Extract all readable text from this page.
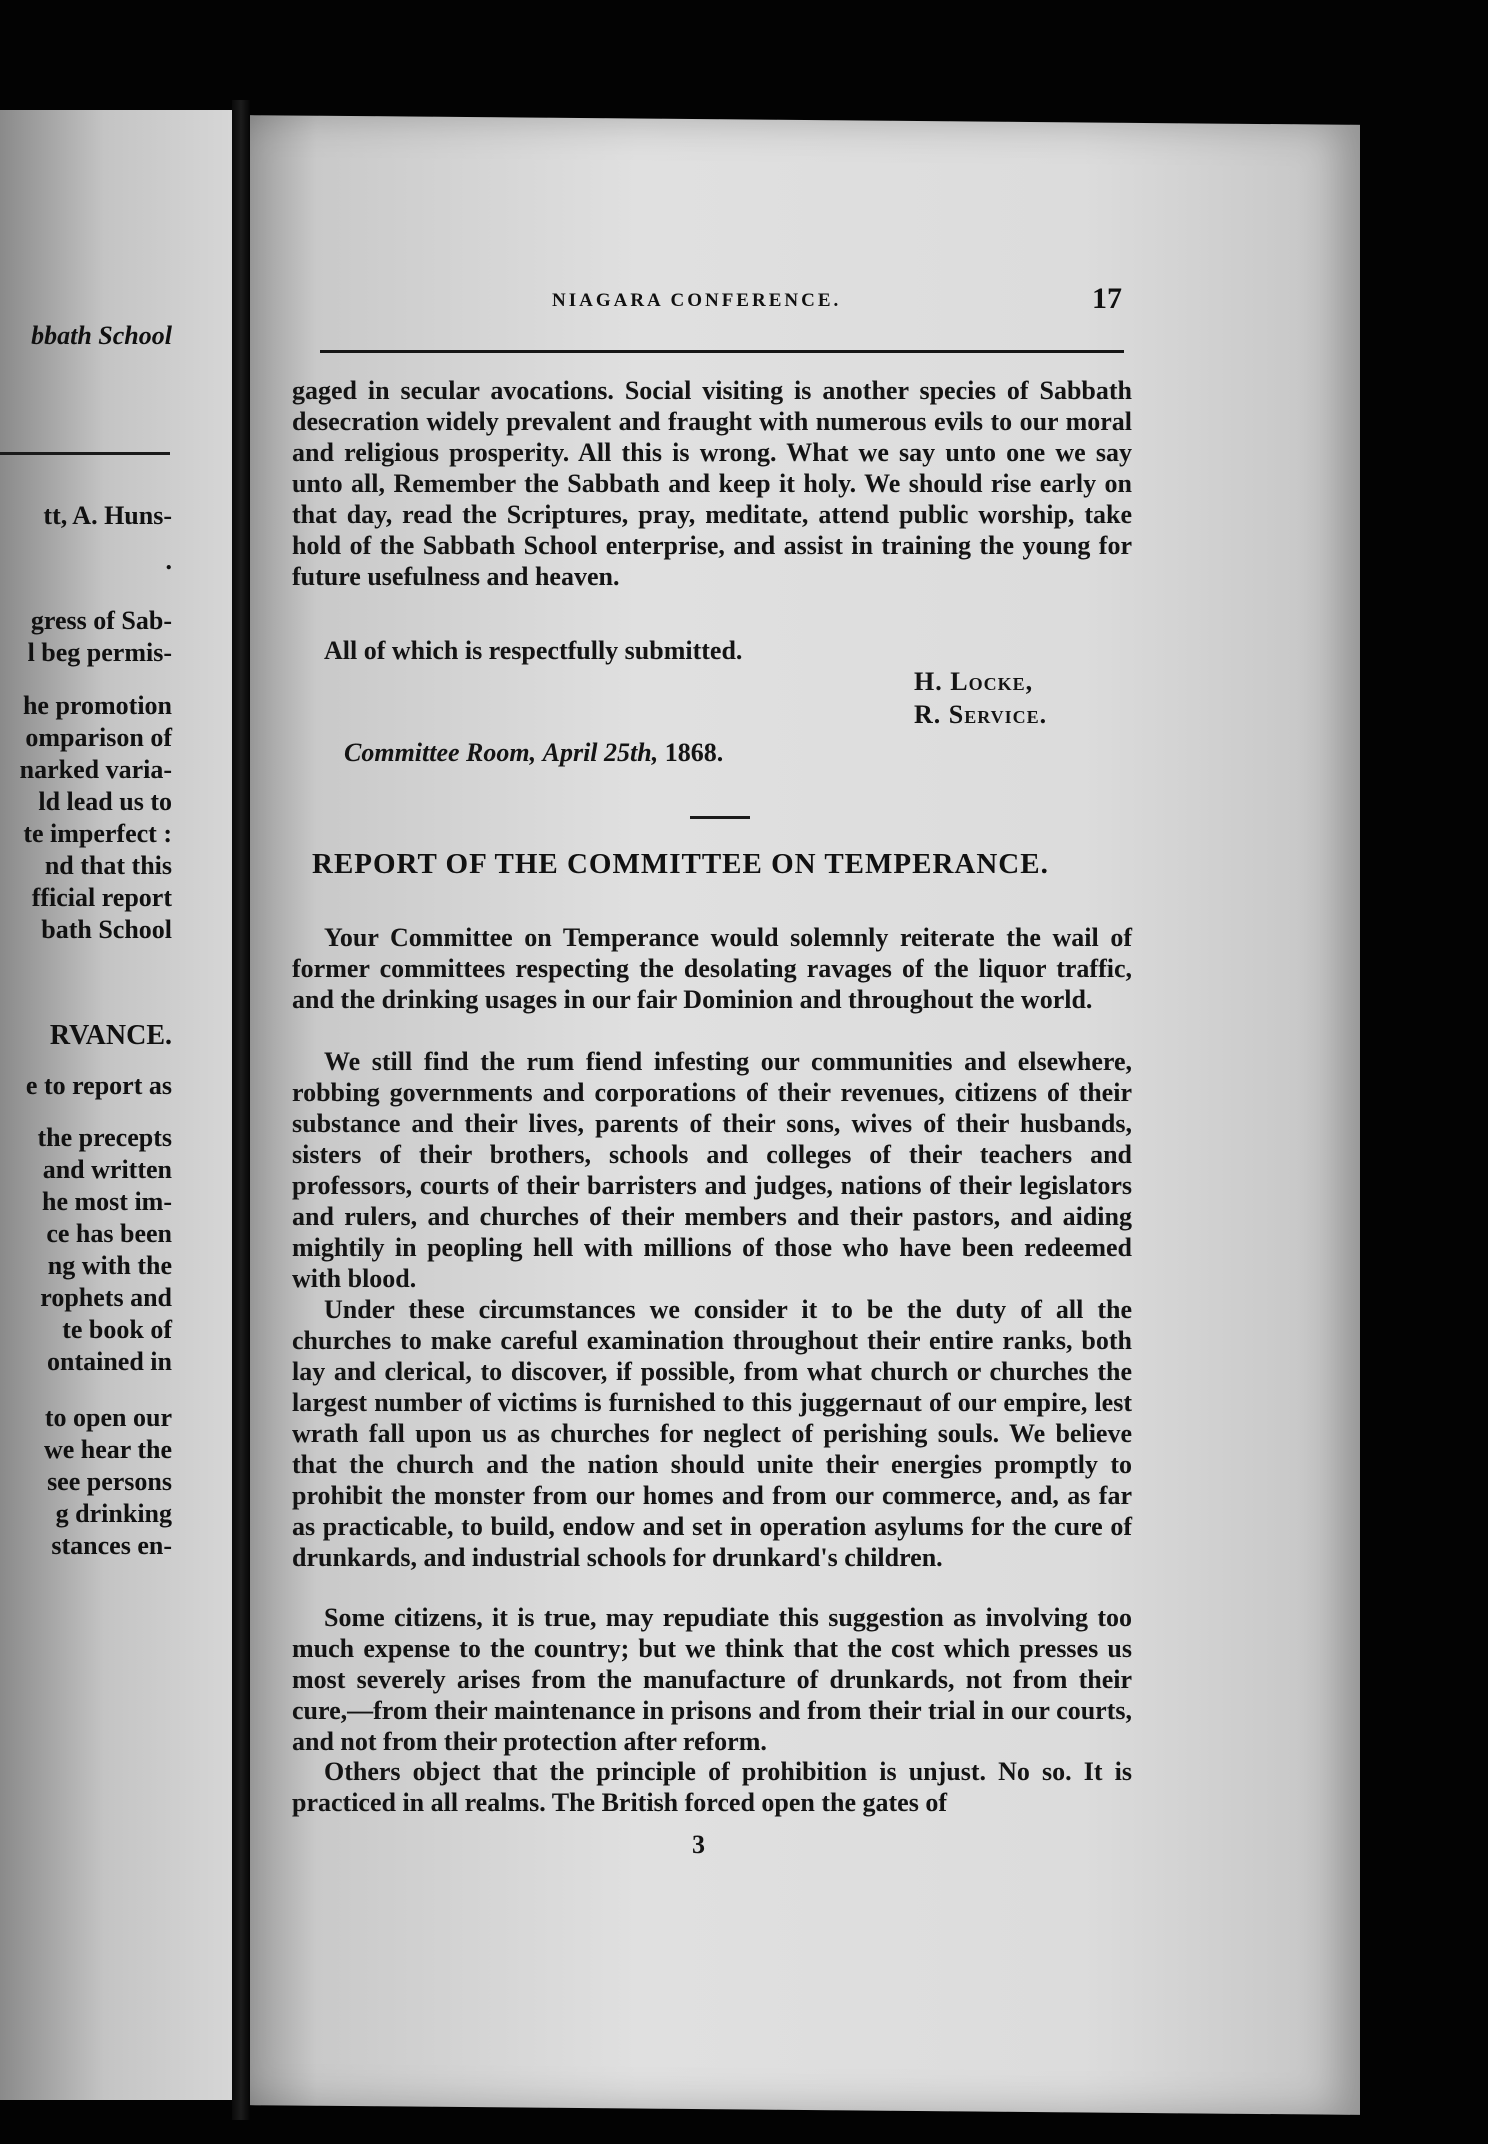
bbath School
tt, A. Huns-
.
gress of Sab-
l beg permis-
he promotion
omparison of
narked varia-
ld lead us to
te imperfect :
nd that this
fficial report
bath School
RVANCE.
e to report as
the precepts
and written
he most im-
ce has been
ng with the
rophets and
te book of
ontained in
to open our
we hear the
see persons
g drinking
stances en-
NIAGARA CONFERENCE.	17
gaged in secular avocations. Social visiting is another species of Sabbath desecration widely prevalent and fraught with numerous evils to our moral and religious prosperity. All this is wrong. What we say unto one we say unto all, Remember the Sabbath and keep it holy. We should rise early on that day, read the Scriptures, pray, meditate, attend public worship, take hold of the Sabbath School enterprise, and assist in training the young for future usefulness and heaven.
All of which is respectfully submitted.
H. Locke,
R. Service.
Committee Room, April 25th, 1868.
REPORT OF THE COMMITTEE ON TEMPERANCE.
Your Committee on Temperance would solemnly reiterate the wail of former committees respecting the desolating ravages of the liquor traffic, and the drinking usages in our fair Dominion and throughout the world.
We still find the rum fiend infesting our communities and elsewhere, robbing governments and corporations of their revenues, citizens of their substance and their lives, parents of their sons, wives of their husbands, sisters of their brothers, schools and colleges of their teachers and professors, courts of their barristers and judges, nations of their legislators and rulers, and churches of their members and their pastors, and aiding mightily in peopling hell with millions of those who have been redeemed with blood.
Under these circumstances we consider it to be the duty of all the churches to make careful examination throughout their entire ranks, both lay and clerical, to discover, if possible, from what church or churches the largest number of victims is furnished to this juggernaut of our empire, lest wrath fall upon us as churches for neglect of perishing souls. We believe that the church and the nation should unite their energies promptly to prohibit the monster from our homes and from our commerce, and, as far as practicable, to build, endow and set in operation asylums for the cure of drunkards, and industrial schools for drunkard's children.
Some citizens, it is true, may repudiate this suggestion as involving too much expense to the country; but we think that the cost which presses us most severely arises from the manufacture of drunkards, not from their cure,—from their maintenance in prisons and from their trial in our courts, and not from their protection after reform.
Others object that the principle of prohibition is unjust. No so. It is practiced in all realms. The British forced open the gates of
3
